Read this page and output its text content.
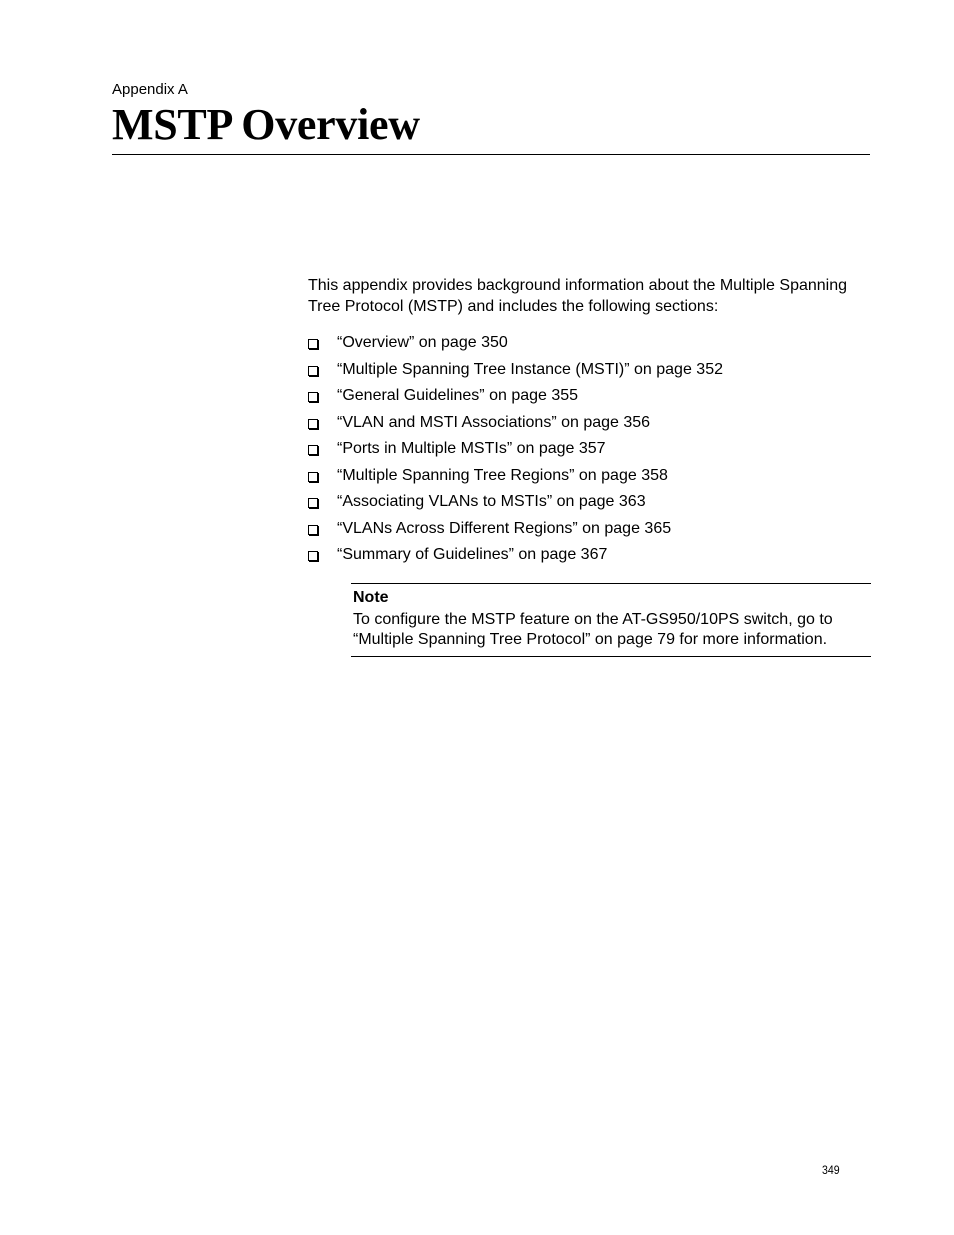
Appendix A
MSTP Overview

This appendix provides background information about the Multiple Spanning Tree Protocol (MSTP) and includes the following sections:

“Overview” on page 350
“Multiple Spanning Tree Instance (MSTI)” on page 352
“General Guidelines” on page 355
“VLAN and MSTI Associations” on page 356
“Ports in Multiple MSTIs” on page 357
“Multiple Spanning Tree Regions” on page 358
“Associating VLANs to MSTIs” on page 363
“VLANs Across Different Regions” on page 365
“Summary of Guidelines” on page 367
Note

To configure the MSTP feature on the AT-GS950/10PS switch, go to “Multiple Spanning Tree Protocol” on page 79 for more information.

349
